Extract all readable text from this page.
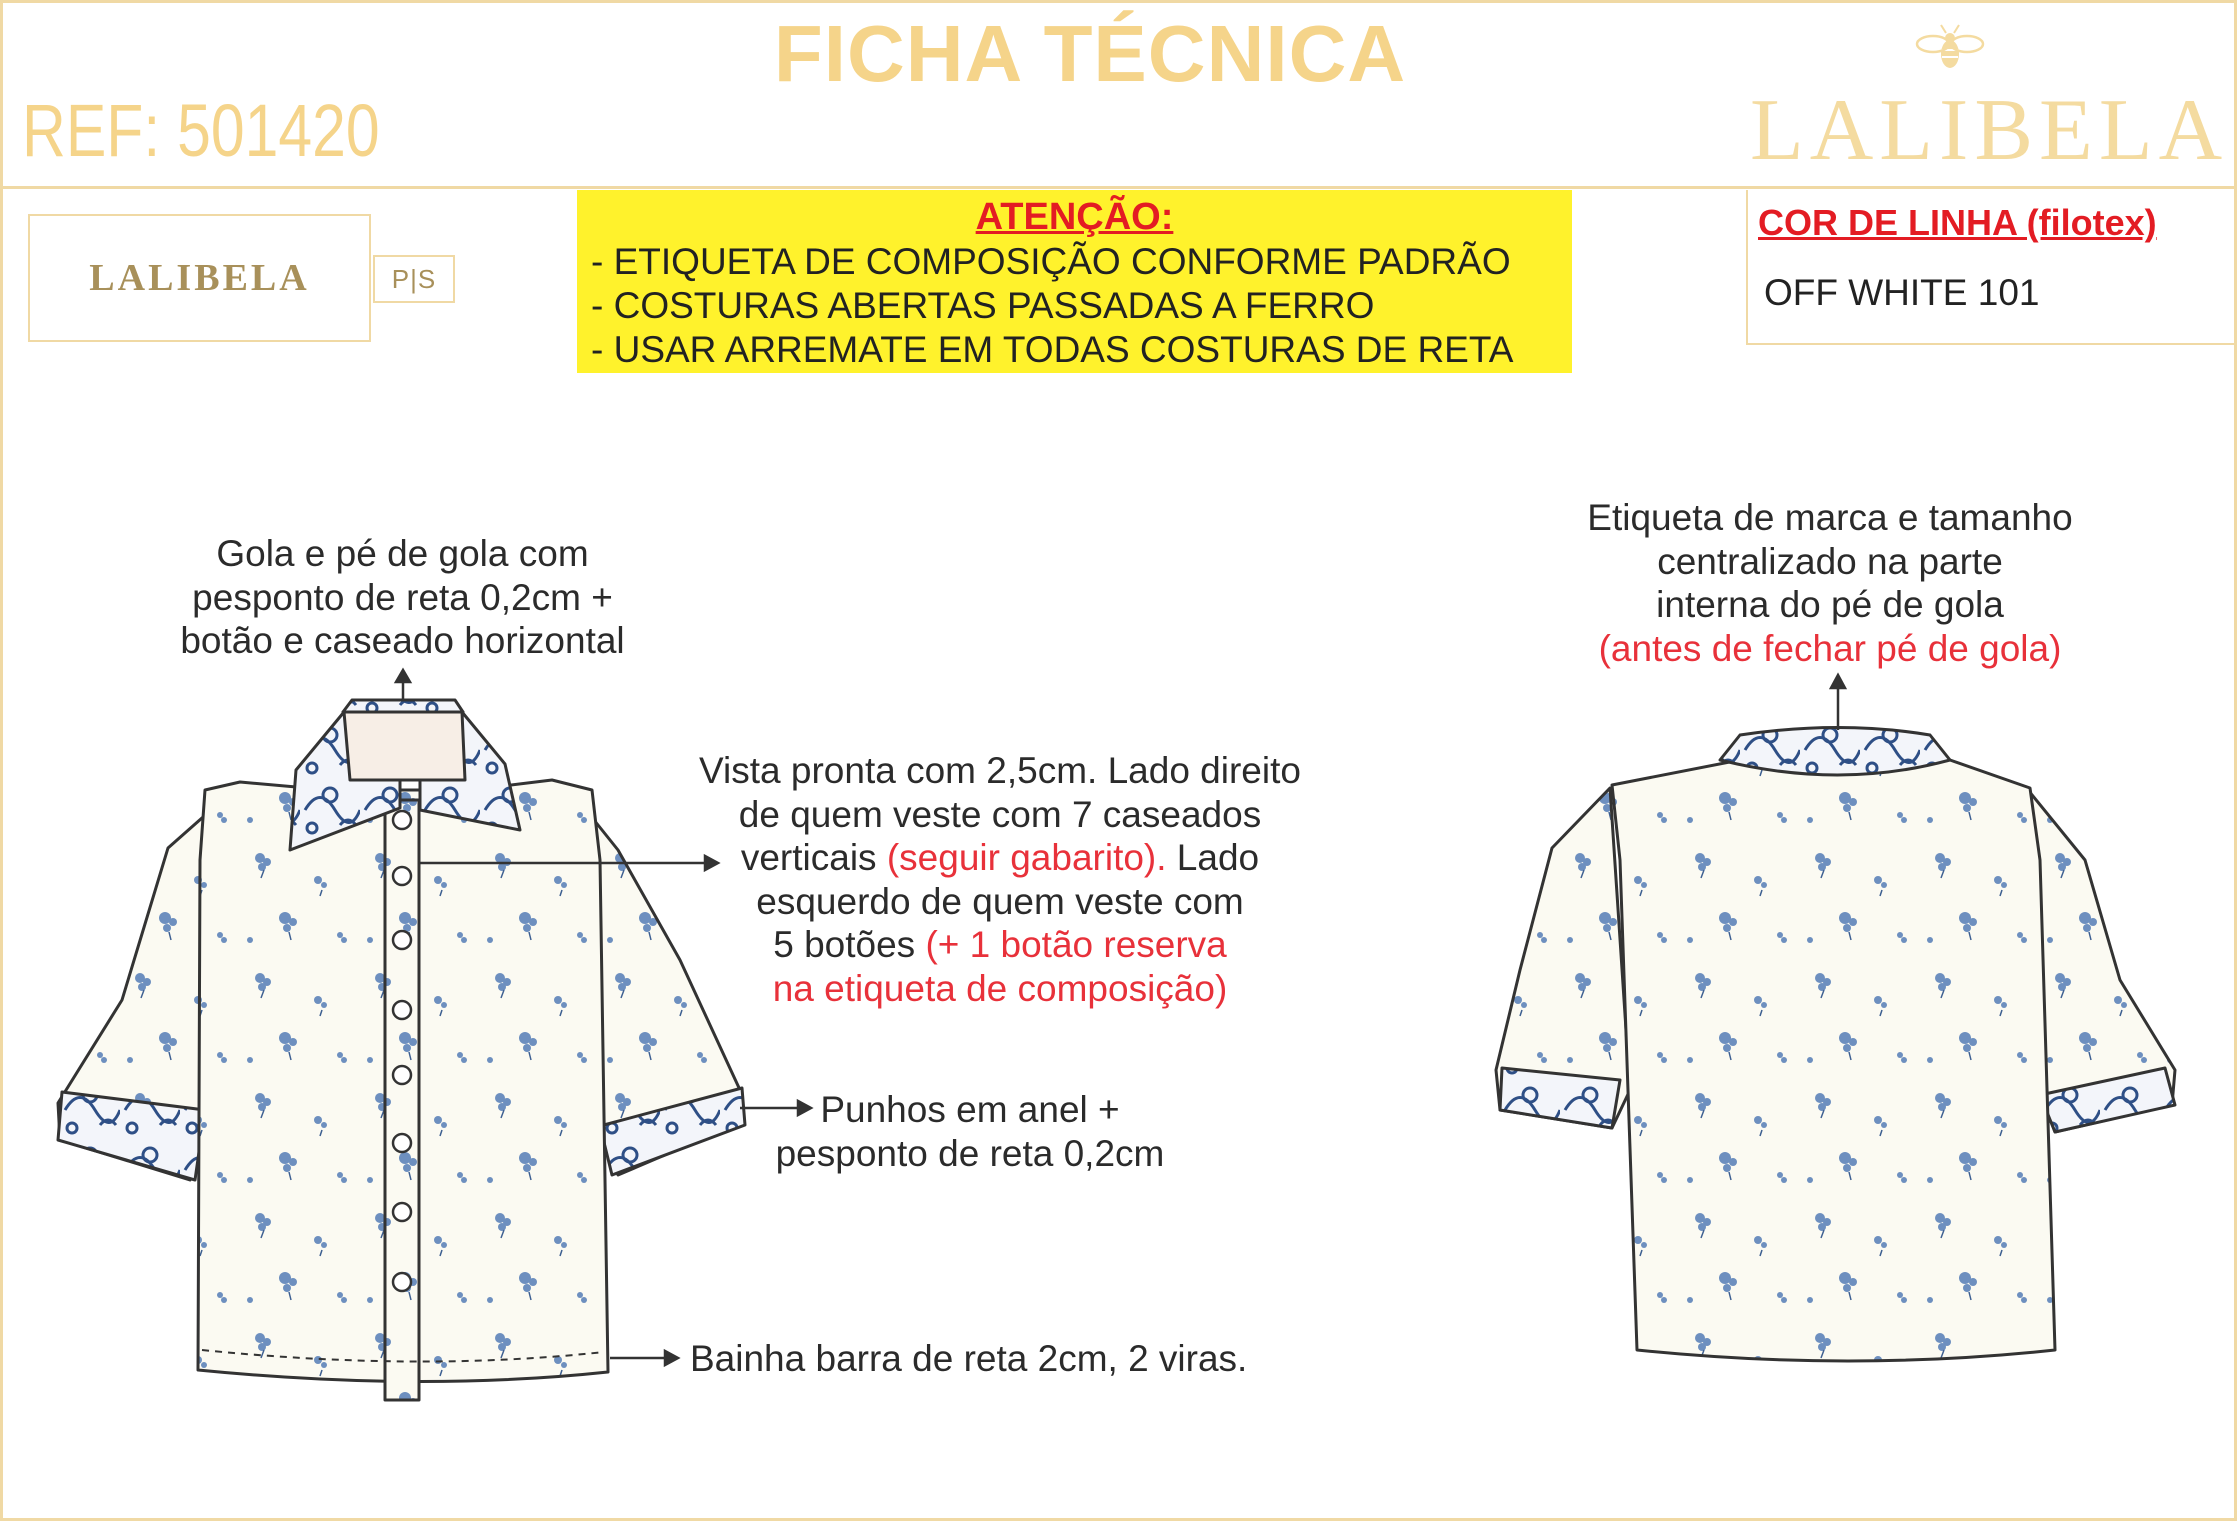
FICHA TÉCNICA
REF: 501420	LALIBELA
LALIBELA	P|S
ATENÇÃO:
- ETIQUETA DE COMPOSIÇÃO CONFORME PADRÃO
- COSTURAS ABERTAS PASSADAS A FERRO
- USAR ARREMATE EM TODAS COSTURAS DE RETA
COR DE LINHA (filotex)
OFF WHITE 101
Gola e pé de gola com
pesponto de reta 0,2cm +
botão e caseado horizontal
Vista pronta com 2,5cm. Lado direito
de quem veste com 7 caseados
verticais (seguir gabarito). Lado
esquerdo de quem veste com
5 botões (+ 1 botão reserva
na etiqueta de composição)
Punhos em anel +
pesponto de reta 0,2cm
Bainha barra de reta 2cm, 2 viras.
Etiqueta de marca e tamanho
centralizado na parte
interna do pé de gola
(antes de fechar pé de gola)
